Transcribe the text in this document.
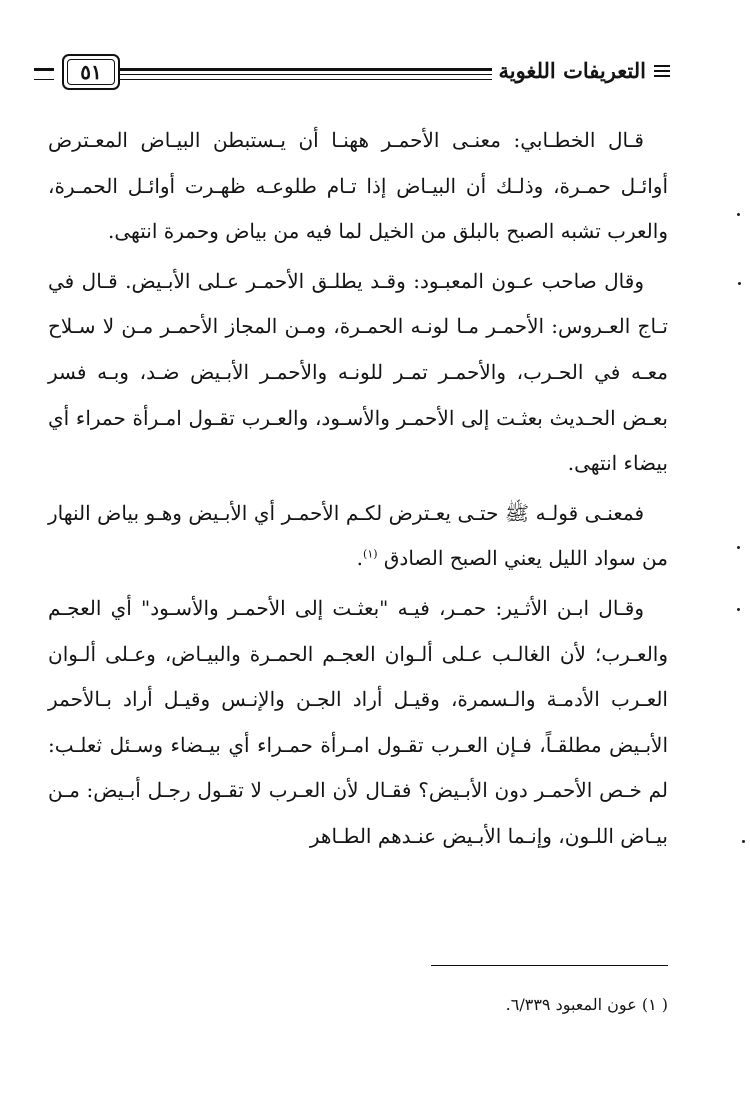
٥١	التعريفات اللغوية

قـال الخطـابي: معنـى الأحمـر ههنـا أن يـستبطن البيـاض المعـترض أوائـل حمـرة، وذلـك أن البيـاض إذا تـام طلوعـه ظهـرت أوائـل الحمـرة، والعرب تشبه الصبح بالبلق من الخيل لما فيه من بياض وحمرة انتهى.

وقال صاحب عـون المعبـود: وقـد يطلـق الأحمـر عـلى الأبـيض. قـال في تـاج العـروس: الأحمـر مـا لونـه الحمـرة، ومـن المجاز الأحمـر مـن لا سـلاح معـه في الحـرب، والأحمـر تمـر للونـه والأحمـر الأبـيض ضـد، وبـه فسر بعـض الحـديث بعثـت إلى الأحمـر والأسـود، والعـرب تقـول امـرأة حمراء أي بيضاء انتهى.

فمعنـى قولـه ﷺ حتـى يعـترض لكـم الأحمـر أي الأبـيض وهـو بياض النهار من سواد الليل يعني الصبح الصادق $^{(١)}$.

وقـال ابـن الأثـير: حمـر، فيـه "بعثـت إلى الأحمـر والأسـود" أي العجـم والعـرب؛ لأن الغالـب عـلى ألـوان العجـم الحمـرة والبيـاض، وعـلى ألـوان العـرب الأدمـة والـسمرة، وقيـل أراد الجـن والإنـس وقيـل أراد بـالأحمر الأبـيض مطلقـاً، فـإن العـرب تقـول امـرأة حمـراء أي بيـضاء وسـئل ثعلـب: لم خـص الأحمـر دون الأبـيض؟ فقـال لأن العـرب لا تقـول رجـل أبـيض: مـن بيـاض اللـون، وإنـما الأبـيض عنـدهم الطـاهر

( ١) عون المعبود ٦/٣٣٩.
